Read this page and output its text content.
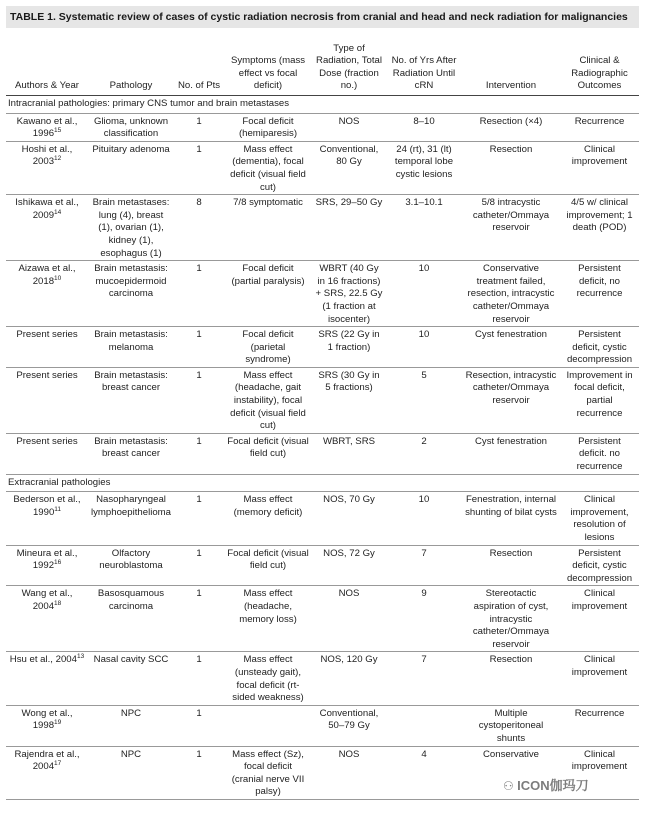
TABLE 1. Systematic review of cases of cystic radiation necrosis from cranial and head and neck radiation for malignancies
Authors & Year	Pathology	No. of Pts	Symptoms (mass effect vs focal deficit)	Type of Radiation, Total Dose (fraction no.)	No. of Yrs After Radiation Until cRN	Intervention	Clinical & Radiographic Outcomes
Intracranial pathologies: primary CNS tumor and brain metastases							
Kawano et al., 1996$^{15}$	Glioma, unknown classification	1	Focal deficit (hemiparesis)	NOS	8–10	Resection (×4)	Recurrence
Hoshi et al., 2003$^{12}$	Pituitary adenoma	1	Mass effect (dementia), focal deficit (visual field cut)	Conventional, 80 Gy	24 (rt), 31 (lt) temporal lobe cystic lesions	Resection	Clinical improvement
Ishikawa et al., 2009$^{14}$	Brain metastases: lung (4), breast (1), ovarian (1), kidney (1), esophagus (1)	8	7/8 symptomatic	SRS, 29–50 Gy	3.1–10.1	5/8 intracystic catheter/Ommaya reservoir	4/5 w/ clinical improvement; 1 death (POD)
Aizawa et al., 2018$^{10}$	Brain metastasis: mucoepidermoid carcinoma	1	Focal deficit (partial paralysis)	WBRT (40 Gy in 16 fractions) + SRS, 22.5 Gy (1 fraction at isocenter)	10	Conservative treatment failed, resection, intracystic catheter/Ommaya reservoir	Persistent deficit, no recurrence
Present series	Brain metastasis: melanoma	1	Focal deficit (parietal syndrome)	SRS (22 Gy in 1 fraction)	10	Cyst fenestration	Persistent deficit, cystic decompression
Present series	Brain metastasis: breast cancer	1	Mass effect (headache, gait instability), focal deficit (visual field cut)	SRS (30 Gy in 5 fractions)	5	Resection, intracystic catheter/Ommaya reservoir	Improvement in focal deficit, partial recurrence
Present series	Brain metastasis: breast cancer	1	Focal deficit (visual field cut)	WBRT, SRS	2	Cyst fenestration	Persistent deficit. no recurrence
Extracranial pathologies							
Bederson et al., 1990$^{11}$	Nasopharyngeal lymphoepithelioma	1	Mass effect (memory deficit)	NOS, 70 Gy	10	Fenestration, internal shunting of bilat cysts	Clinical improvement, resolution of lesions
Mineura et al., 1992$^{16}$	Olfactory neuroblastoma	1	Focal deficit (visual field cut)	NOS, 72 Gy	7	Resection	Persistent deficit, cystic decompression
Wang et al., 2004$^{18}$	Basosquamous carcinoma	1	Mass effect (headache, memory loss)	NOS	9	Stereotactic aspiration of cyst, intracystic catheter/Ommaya reservoir	Clinical improvement
Hsu et al., 2004$^{13}$	Nasal cavity SCC	1	Mass effect (unsteady gait), focal deficit (rt-sided weakness)	NOS, 120 Gy	7	Resection	Clinical improvement
Wong et al., 1998$^{19}$	NPC	1		Conventional, 50–79 Gy		Multiple cystoperitoneal shunts	Recurrence
Rajendra et al., 2004$^{17}$	NPC	1	Mass effect (Sz), focal deficit (cranial nerve VII palsy)	NOS	4	Conservative	Clinical improvement
⚇ ICON伽玛刀
